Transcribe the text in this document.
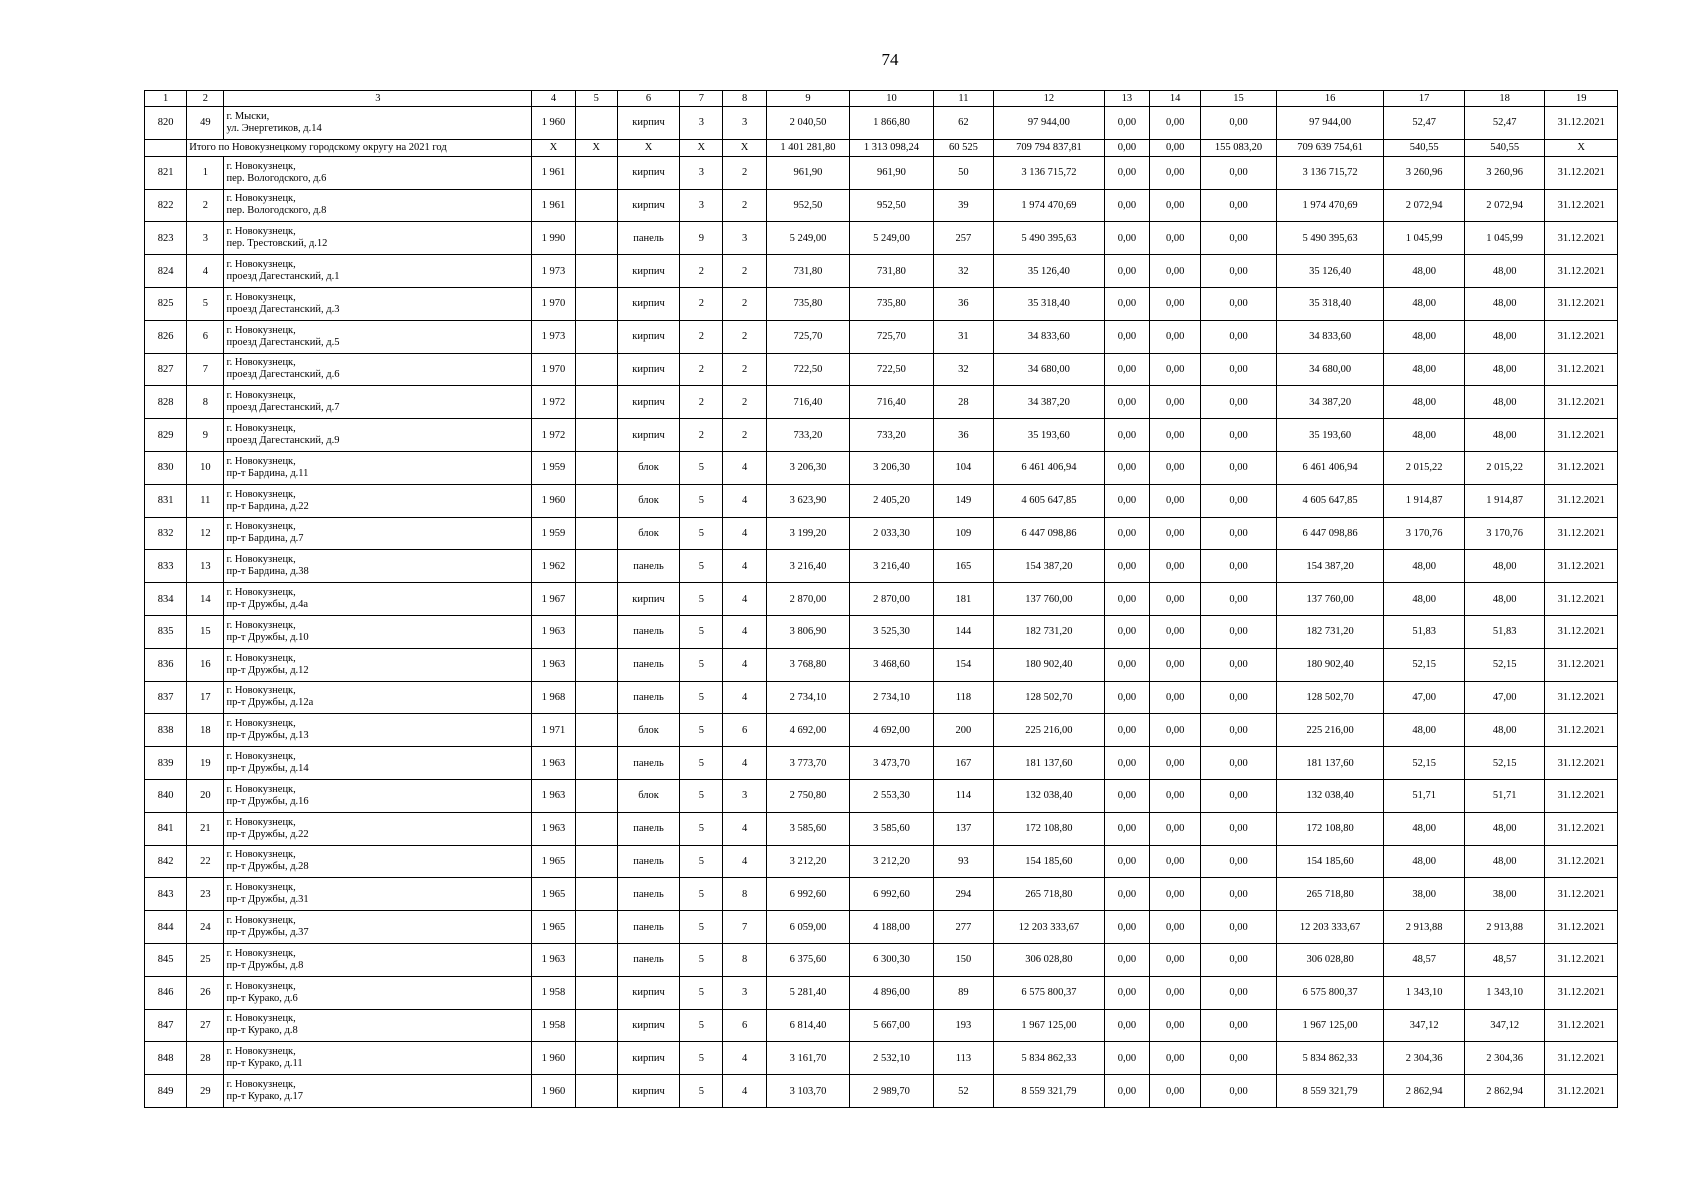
74
1	2	3	4	5	6	7	8	9	10	11	12	13	14	15	16	17	18	19
820	49	г. Мыски,
ул. Энергетиков, д.14	1 960		кирпич	3	3	2 040,50	1 866,80	62	97 944,00	0,00	0,00	0,00	97 944,00	52,47	52,47	31.12.2021
	Итого по Новокузнецкому городскому округу на 2021 год		X	X	X	X	X	1 401 281,80	1 313 098,24	60 525	709 794 837,81	0,00	0,00	155 083,20	709 639 754,61	540,55	540,55	X
821	1	г. Новокузнецк,
пер. Вологодского, д.6	1 961		кирпич	3	2	961,90	961,90	50	3 136 715,72	0,00	0,00	0,00	3 136 715,72	3 260,96	3 260,96	31.12.2021
822	2	г. Новокузнецк,
пер. Вологодского, д.8	1 961		кирпич	3	2	952,50	952,50	39	1 974 470,69	0,00	0,00	0,00	1 974 470,69	2 072,94	2 072,94	31.12.2021
823	3	г. Новокузнецк,
пер. Трестовский, д.12	1 990		панель	9	3	5 249,00	5 249,00	257	5 490 395,63	0,00	0,00	0,00	5 490 395,63	1 045,99	1 045,99	31.12.2021
824	4	г. Новокузнецк,
проезд Дагестанский, д.1	1 973		кирпич	2	2	731,80	731,80	32	35 126,40	0,00	0,00	0,00	35 126,40	48,00	48,00	31.12.2021
825	5	г. Новокузнецк,
проезд Дагестанский, д.3	1 970		кирпич	2	2	735,80	735,80	36	35 318,40	0,00	0,00	0,00	35 318,40	48,00	48,00	31.12.2021
826	6	г. Новокузнецк,
проезд Дагестанский, д.5	1 973		кирпич	2	2	725,70	725,70	31	34 833,60	0,00	0,00	0,00	34 833,60	48,00	48,00	31.12.2021
827	7	г. Новокузнецк,
проезд Дагестанский, д.6	1 970		кирпич	2	2	722,50	722,50	32	34 680,00	0,00	0,00	0,00	34 680,00	48,00	48,00	31.12.2021
828	8	г. Новокузнецк,
проезд Дагестанский, д.7	1 972		кирпич	2	2	716,40	716,40	28	34 387,20	0,00	0,00	0,00	34 387,20	48,00	48,00	31.12.2021
829	9	г. Новокузнецк,
проезд Дагестанский, д.9	1 972		кирпич	2	2	733,20	733,20	36	35 193,60	0,00	0,00	0,00	35 193,60	48,00	48,00	31.12.2021
830	10	г. Новокузнецк,
пр-т Бардина, д.11	1 959		блок	5	4	3 206,30	3 206,30	104	6 461 406,94	0,00	0,00	0,00	6 461 406,94	2 015,22	2 015,22	31.12.2021
831	11	г. Новокузнецк,
пр-т Бардина, д.22	1 960		блок	5	4	3 623,90	2 405,20	149	4 605 647,85	0,00	0,00	0,00	4 605 647,85	1 914,87	1 914,87	31.12.2021
832	12	г. Новокузнецк,
пр-т Бардина, д.7	1 959		блок	5	4	3 199,20	2 033,30	109	6 447 098,86	0,00	0,00	0,00	6 447 098,86	3 170,76	3 170,76	31.12.2021
833	13	г. Новокузнецк,
пр-т Бардина, д.38	1 962		панель	5	4	3 216,40	3 216,40	165	154 387,20	0,00	0,00	0,00	154 387,20	48,00	48,00	31.12.2021
834	14	г. Новокузнецк,
пр-т Дружбы, д.4а	1 967		кирпич	5	4	2 870,00	2 870,00	181	137 760,00	0,00	0,00	0,00	137 760,00	48,00	48,00	31.12.2021
835	15	г. Новокузнецк,
пр-т Дружбы, д.10	1 963		панель	5	4	3 806,90	3 525,30	144	182 731,20	0,00	0,00	0,00	182 731,20	51,83	51,83	31.12.2021
836	16	г. Новокузнецк,
пр-т Дружбы, д.12	1 963		панель	5	4	3 768,80	3 468,60	154	180 902,40	0,00	0,00	0,00	180 902,40	52,15	52,15	31.12.2021
837	17	г. Новокузнецк,
пр-т Дружбы, д.12а	1 968		панель	5	4	2 734,10	2 734,10	118	128 502,70	0,00	0,00	0,00	128 502,70	47,00	47,00	31.12.2021
838	18	г. Новокузнецк,
пр-т Дружбы, д.13	1 971		блок	5	6	4 692,00	4 692,00	200	225 216,00	0,00	0,00	0,00	225 216,00	48,00	48,00	31.12.2021
839	19	г. Новокузнецк,
пр-т Дружбы, д.14	1 963		панель	5	4	3 773,70	3 473,70	167	181 137,60	0,00	0,00	0,00	181 137,60	52,15	52,15	31.12.2021
840	20	г. Новокузнецк,
пр-т Дружбы, д.16	1 963		блок	5	3	2 750,80	2 553,30	114	132 038,40	0,00	0,00	0,00	132 038,40	51,71	51,71	31.12.2021
841	21	г. Новокузнецк,
пр-т Дружбы, д.22	1 963		панель	5	4	3 585,60	3 585,60	137	172 108,80	0,00	0,00	0,00	172 108,80	48,00	48,00	31.12.2021
842	22	г. Новокузнецк,
пр-т Дружбы, д.28	1 965		панель	5	4	3 212,20	3 212,20	93	154 185,60	0,00	0,00	0,00	154 185,60	48,00	48,00	31.12.2021
843	23	г. Новокузнецк,
пр-т Дружбы, д.31	1 965		панель	5	8	6 992,60	6 992,60	294	265 718,80	0,00	0,00	0,00	265 718,80	38,00	38,00	31.12.2021
844	24	г. Новокузнецк,
пр-т Дружбы, д.37	1 965		панель	5	7	6 059,00	4 188,00	277	12 203 333,67	0,00	0,00	0,00	12 203 333,67	2 913,88	2 913,88	31.12.2021
845	25	г. Новокузнецк,
пр-т Дружбы, д.8	1 963		панель	5	8	6 375,60	6 300,30	150	306 028,80	0,00	0,00	0,00	306 028,80	48,57	48,57	31.12.2021
846	26	г. Новокузнецк,
пр-т Курако, д.6	1 958		кирпич	5	3	5 281,40	4 896,00	89	6 575 800,37	0,00	0,00	0,00	6 575 800,37	1 343,10	1 343,10	31.12.2021
847	27	г. Новокузнецк,
пр-т Курако, д.8	1 958		кирпич	5	6	6 814,40	5 667,00	193	1 967 125,00	0,00	0,00	0,00	1 967 125,00	347,12	347,12	31.12.2021
848	28	г. Новокузнецк,
пр-т Курако, д.11	1 960		кирпич	5	4	3 161,70	2 532,10	113	5 834 862,33	0,00	0,00	0,00	5 834 862,33	2 304,36	2 304,36	31.12.2021
849	29	г. Новокузнецк,
пр-т Курако, д.17	1 960		кирпич	5	4	3 103,70	2 989,70	52	8 559 321,79	0,00	0,00	0,00	8 559 321,79	2 862,94	2 862,94	31.12.2021
